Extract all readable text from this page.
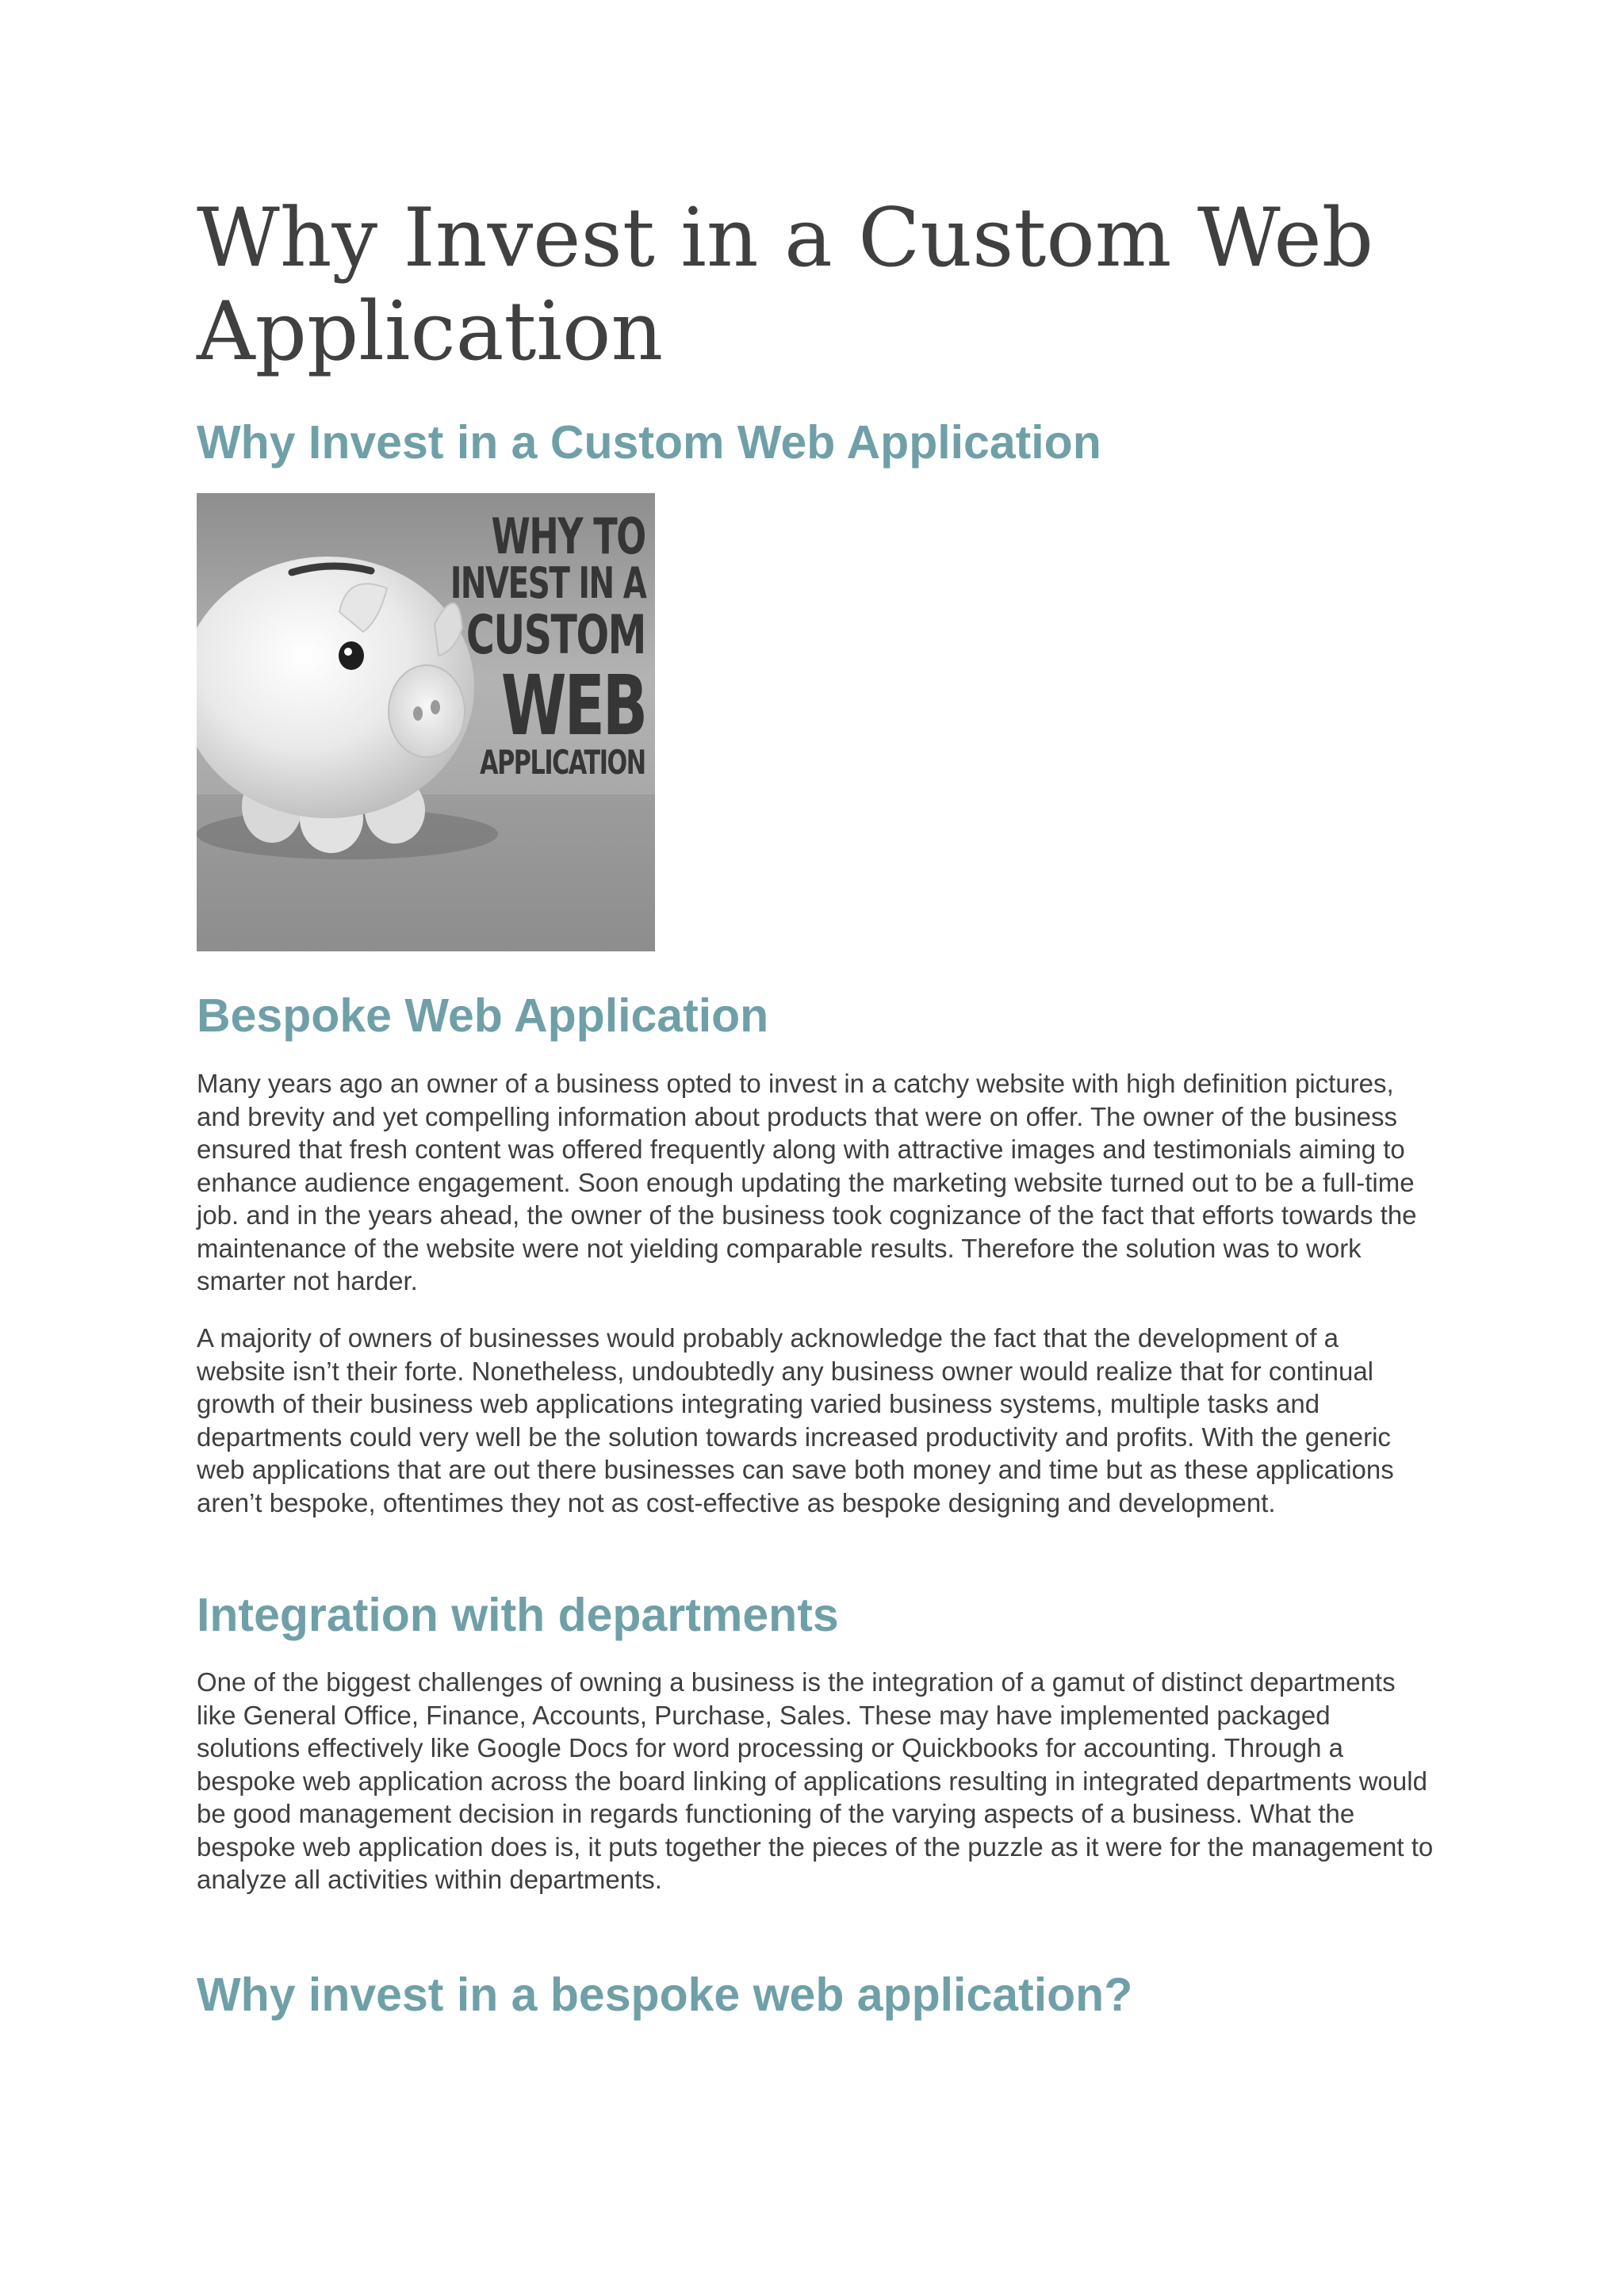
Why Invest in a Custom Web Application
Why Invest in a Custom Web Application
WHY TO
INVEST IN A
CUSTOM
WEB
APPLICATION
Bespoke Web Application

Many years ago an owner of a business opted to invest in a catchy website with high definition pictures, and brevity and yet compelling information about products that were on offer. The owner of the business ensured that fresh content was offered frequently along with attractive images and testimonials aiming to enhance audience engagement. Soon enough updating the marketing website turned out to be a full-time job. and in the years ahead, the owner of the business took cognizance of the fact that efforts towards the maintenance of the website were not yielding comparable results. Therefore the solution was to work smarter not harder.

A majority of owners of businesses would probably acknowledge the fact that the development of a website isn’t their forte. Nonetheless, undoubtedly any business owner would realize that for continual growth of their business web applications integrating varied business systems, multiple tasks and departments could very well be the solution towards increased productivity and profits. With the generic web applications that are out there businesses can save both money and time but as these applications aren’t bespoke, oftentimes they not as cost-effective as bespoke designing and development.

Integration with departments

One of the biggest challenges of owning a business is the integration of a gamut of distinct departments like General Office, Finance, Accounts, Purchase, Sales. These may have implemented packaged solutions effectively like Google Docs for word processing or Quickbooks for accounting. Through a bespoke web application across the board linking of applications resulting in integrated departments would be good management decision in regards functioning of the varying aspects of a business. What the bespoke web application does is, it puts together the pieces of the puzzle as it were for the management to analyze all activities within departments.

Why invest in a bespoke web application?
